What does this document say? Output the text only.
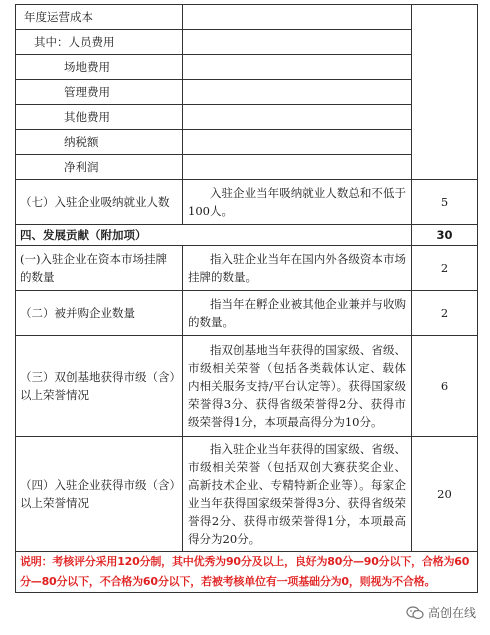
年度运营成本		
其中：人员费用		
场地费用		
管理费用		
其他费用		
纳税额		
净利润		
（七）入驻企业吸纳就业人数	入驻企业当年吸纳就业人数总和不低于100人。	5
四、发展贡献（附加项）		30
(一)入驻企业在资本市场挂牌的数量	指入驻企业当年在国内外各级资本市场挂牌的数量。	2
（二）被并购企业数量	指当年在孵企业被其他企业兼并与收购的数量。	2
（三）双创基地获得市级（含）以上荣誉情况	指双创基地当年获得的国家级、省级、市级相关荣誉（包括各类载体认定、载体内相关服务支持/平台认定等）。获得国家级荣誉得3分、获得省级荣誉得2分、获得市级荣誉得1分，本项最高得分为10分。	6
（四）入驻企业获得市级（含）以上荣誉情况	指入驻企业当年获得的国家级、省级、市级相关荣誉（包括双创大赛获奖企业、高新技术企业、专精特新企业等）。每家企业当年获得国家级荣誉得3分、获得省级荣誉得2分、获得市级荣誉得1分，本项最高得分为20分。	20
说明：考核评分采用120分制，其中优秀为90分及以上，良好为80分—90分以下，合格为60分—80分以下，不合格为60分以下，若被考核单位有一项基础分为0，则视为不合格。		
高创在线
